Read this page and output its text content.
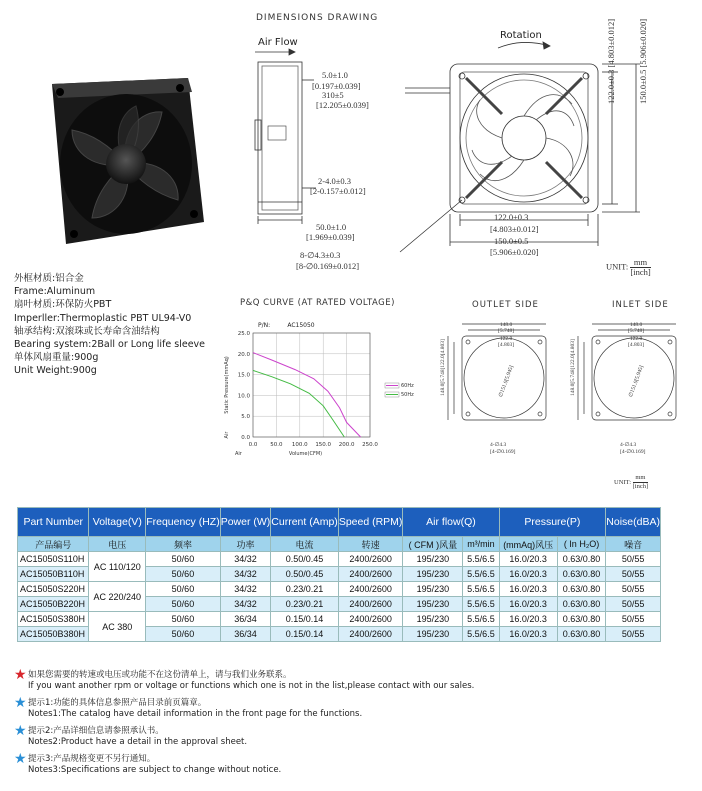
DIMENSIONS DRAWING
Air Flow
Rotation
5.0±1.0
[0.197±0.039]
310±5
[12.205±0.039]
2-4.0±0.3
[2-0.157±0.012]
50.0±1.0
[1.969±0.039]
8-∅4.3±0.3
[8-∅0.169±0.012]
122.0±0.3
[4.803±0.012]
150.0±0.5
[5.906±0.020]
122.0±0.3 [4.803±0.012]
150.0±0.5 [5.906±0.020]
UNIT: mm
[inch]
外框材质:铝合金
Frame:Aluminum
扇叶材质:环保防火PBT
Imperller:Thermoplastic PBT UL94-V0
轴承结构:双滚珠或长寿命含油结构
Bearing system:2Ball or Long life sleeve
单体风扇重量:900g
Unit Weight:900g
P&Q CURVE (AT RATED VOLTAGE)
P/N:	AC15050
0.0 50.0 100.0 150.0 200.0 250.0
0.0
5.0
10.0
15.0
20.0
25.0
60Hz
50Hz
Static Pressure(mmAq)
Air
Air	Volume(CFM)
OUTLET SIDE
148.0
[5.748]
122.0
[4.803]
148.0[5.748]122.0[4.803]
∅151.0[5.945]
4-∅4.3
[4-∅0.169]
INLET SIDE
148.0
[5.748]
122.0
[4.803]
148.0[5.748]122.0[4.803]
∅151.0[5.945]
4-∅4.3
[4-∅0.169]
UNIT:
mm
[inch]
Part Number	Voltage(V)	Frequency (HZ)	Power (W)	Current (Amp)	Speed (RPM)	Air flow(Q)		Pressure(P)		Noise(dBA)
产品编号	电压	频率	功率	电流	转速	( CFM )风量	m³/min	(mmAq)风压	( In H₂O)	噪音
AC15050S110H	AC 110/120	50/60	34/32	0.50/0.45	2400/2600	195/230	5.5/6.5	16.0/20.3	0.63/0.80	50/55
AC15050B110H		50/60	34/32	0.50/0.45	2400/2600	195/230	5.5/6.5	16.0/20.3	0.63/0.80	50/55
AC15050S220H	AC 220/240	50/60	34/32	0.23/0.21	2400/2600	195/230	5.5/6.5	16.0/20.3	0.63/0.80	50/55
AC15050B220H		50/60	34/32	0.23/0.21	2400/2600	195/230	5.5/6.5	16.0/20.3	0.63/0.80	50/55
AC15050S380H	AC 380	50/60	36/34	0.15/0.14	2400/2600	195/230	5.5/6.5	16.0/20.3	0.63/0.80	50/55
AC15050B380H		50/60	36/34	0.15/0.14	2400/2600	195/230	5.5/6.5	16.0/20.3	0.63/0.80	50/55
★ 如果您需要的转速或电压或功能不在这份清单上，请与我们业务联系。
If you want another rpm or voltage or functions which one is not in the list,please contact with our sales.
★ 提示1:功能的具体信息参照产品目录前页篇章。
Notes1:The catalog have detail information in the front page for the functions.
★ 提示2:产品详细信息请参照承认书。
Notes2:Product have a detail in the approval sheet.
★ 提示3:产品规格变更不另行通知。
Notes3:Specifications are subject to change without notice.
